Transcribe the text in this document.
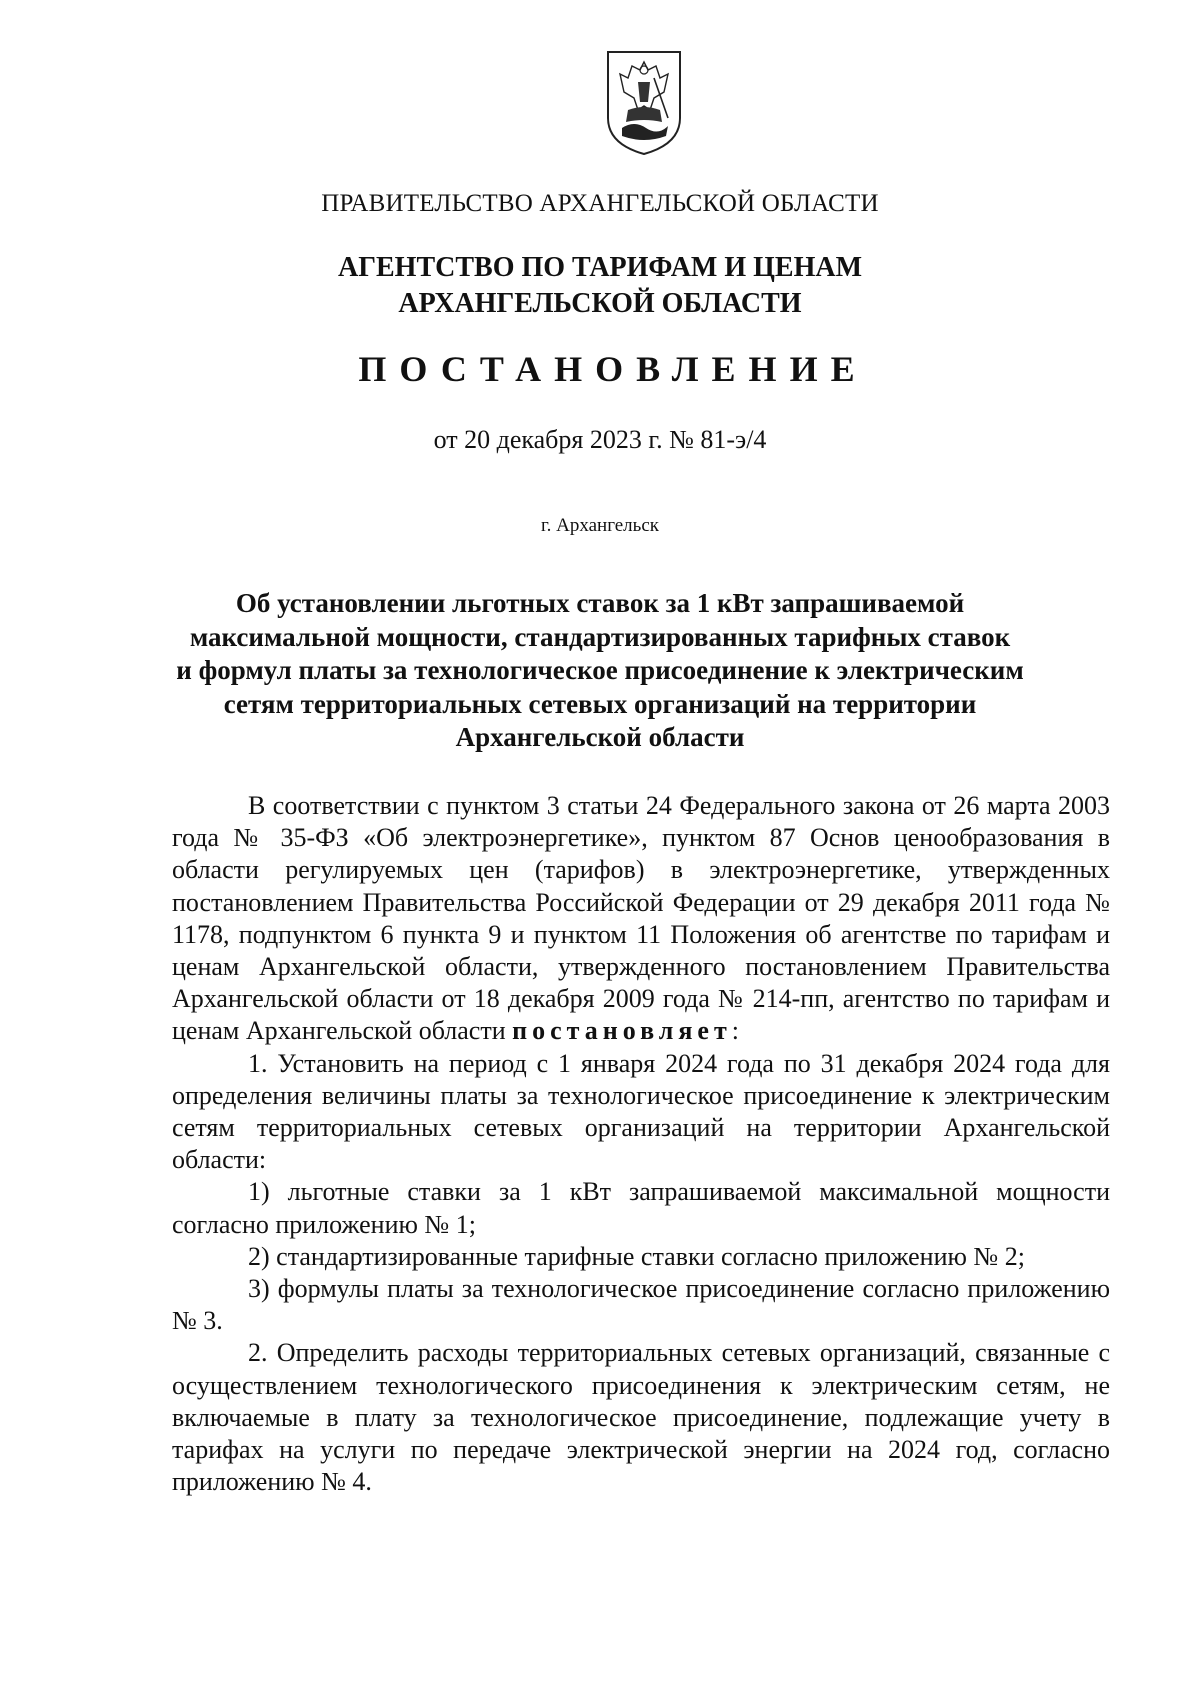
ПРАВИТЕЛЬСТВО АРХАНГЕЛЬСКОЙ ОБЛАСТИ
АГЕНТСТВО ПО ТАРИФАМ И ЦЕНАМ
АРХАНГЕЛЬСКОЙ ОБЛАСТИ
ПОСТАНОВЛЕНИЕ
от 20 декабря 2023 г. № 81-э/4
г. Архангельск
Об установлении льготных ставок за 1 кВт запрашиваемой
максимальной мощности, стандартизированных тарифных ставок
и формул платы за технологическое присоединение к электрическим
сетям территориальных сетевых организаций на территории
Архангельской области

В соответствии с пунктом 3 статьи 24 Федерального закона от 26 марта 2003 года № 35-ФЗ «Об электроэнергетике», пунктом 87 Основ ценообразования в области регулируемых цен (тарифов) в электроэнергетике, утвержденных постановлением Правительства Российской Федерации от 29 декабря 2011 года № 1178, подпунктом 6 пункта 9 и пунктом 11 Положения об агентстве по тарифам и ценам Архангельской области, утвержденного постановлением Правительства Архангельской области от 18 декабря 2009 года № 214-пп, агентство по тарифам и ценам Архангельской области постановляет:

1. Установить на период с 1 января 2024 года по 31 декабря 2024 года для определения величины платы за технологическое присоединение к электрическим сетям территориальных сетевых организаций на территории Архангельской области:

1) льготные ставки за 1 кВт запрашиваемой максимальной мощности согласно приложению № 1;

2) стандартизированные тарифные ставки согласно приложению № 2;

3) формулы платы за технологическое присоединение согласно приложению № 3.

2. Определить расходы территориальных сетевых организаций, связанные с осуществлением технологического присоединения к электрическим сетям, не включаемые в плату за технологическое присоединение, подлежащие учету в тарифах на услуги по передаче электрической энергии на 2024 год, согласно приложению № 4.
